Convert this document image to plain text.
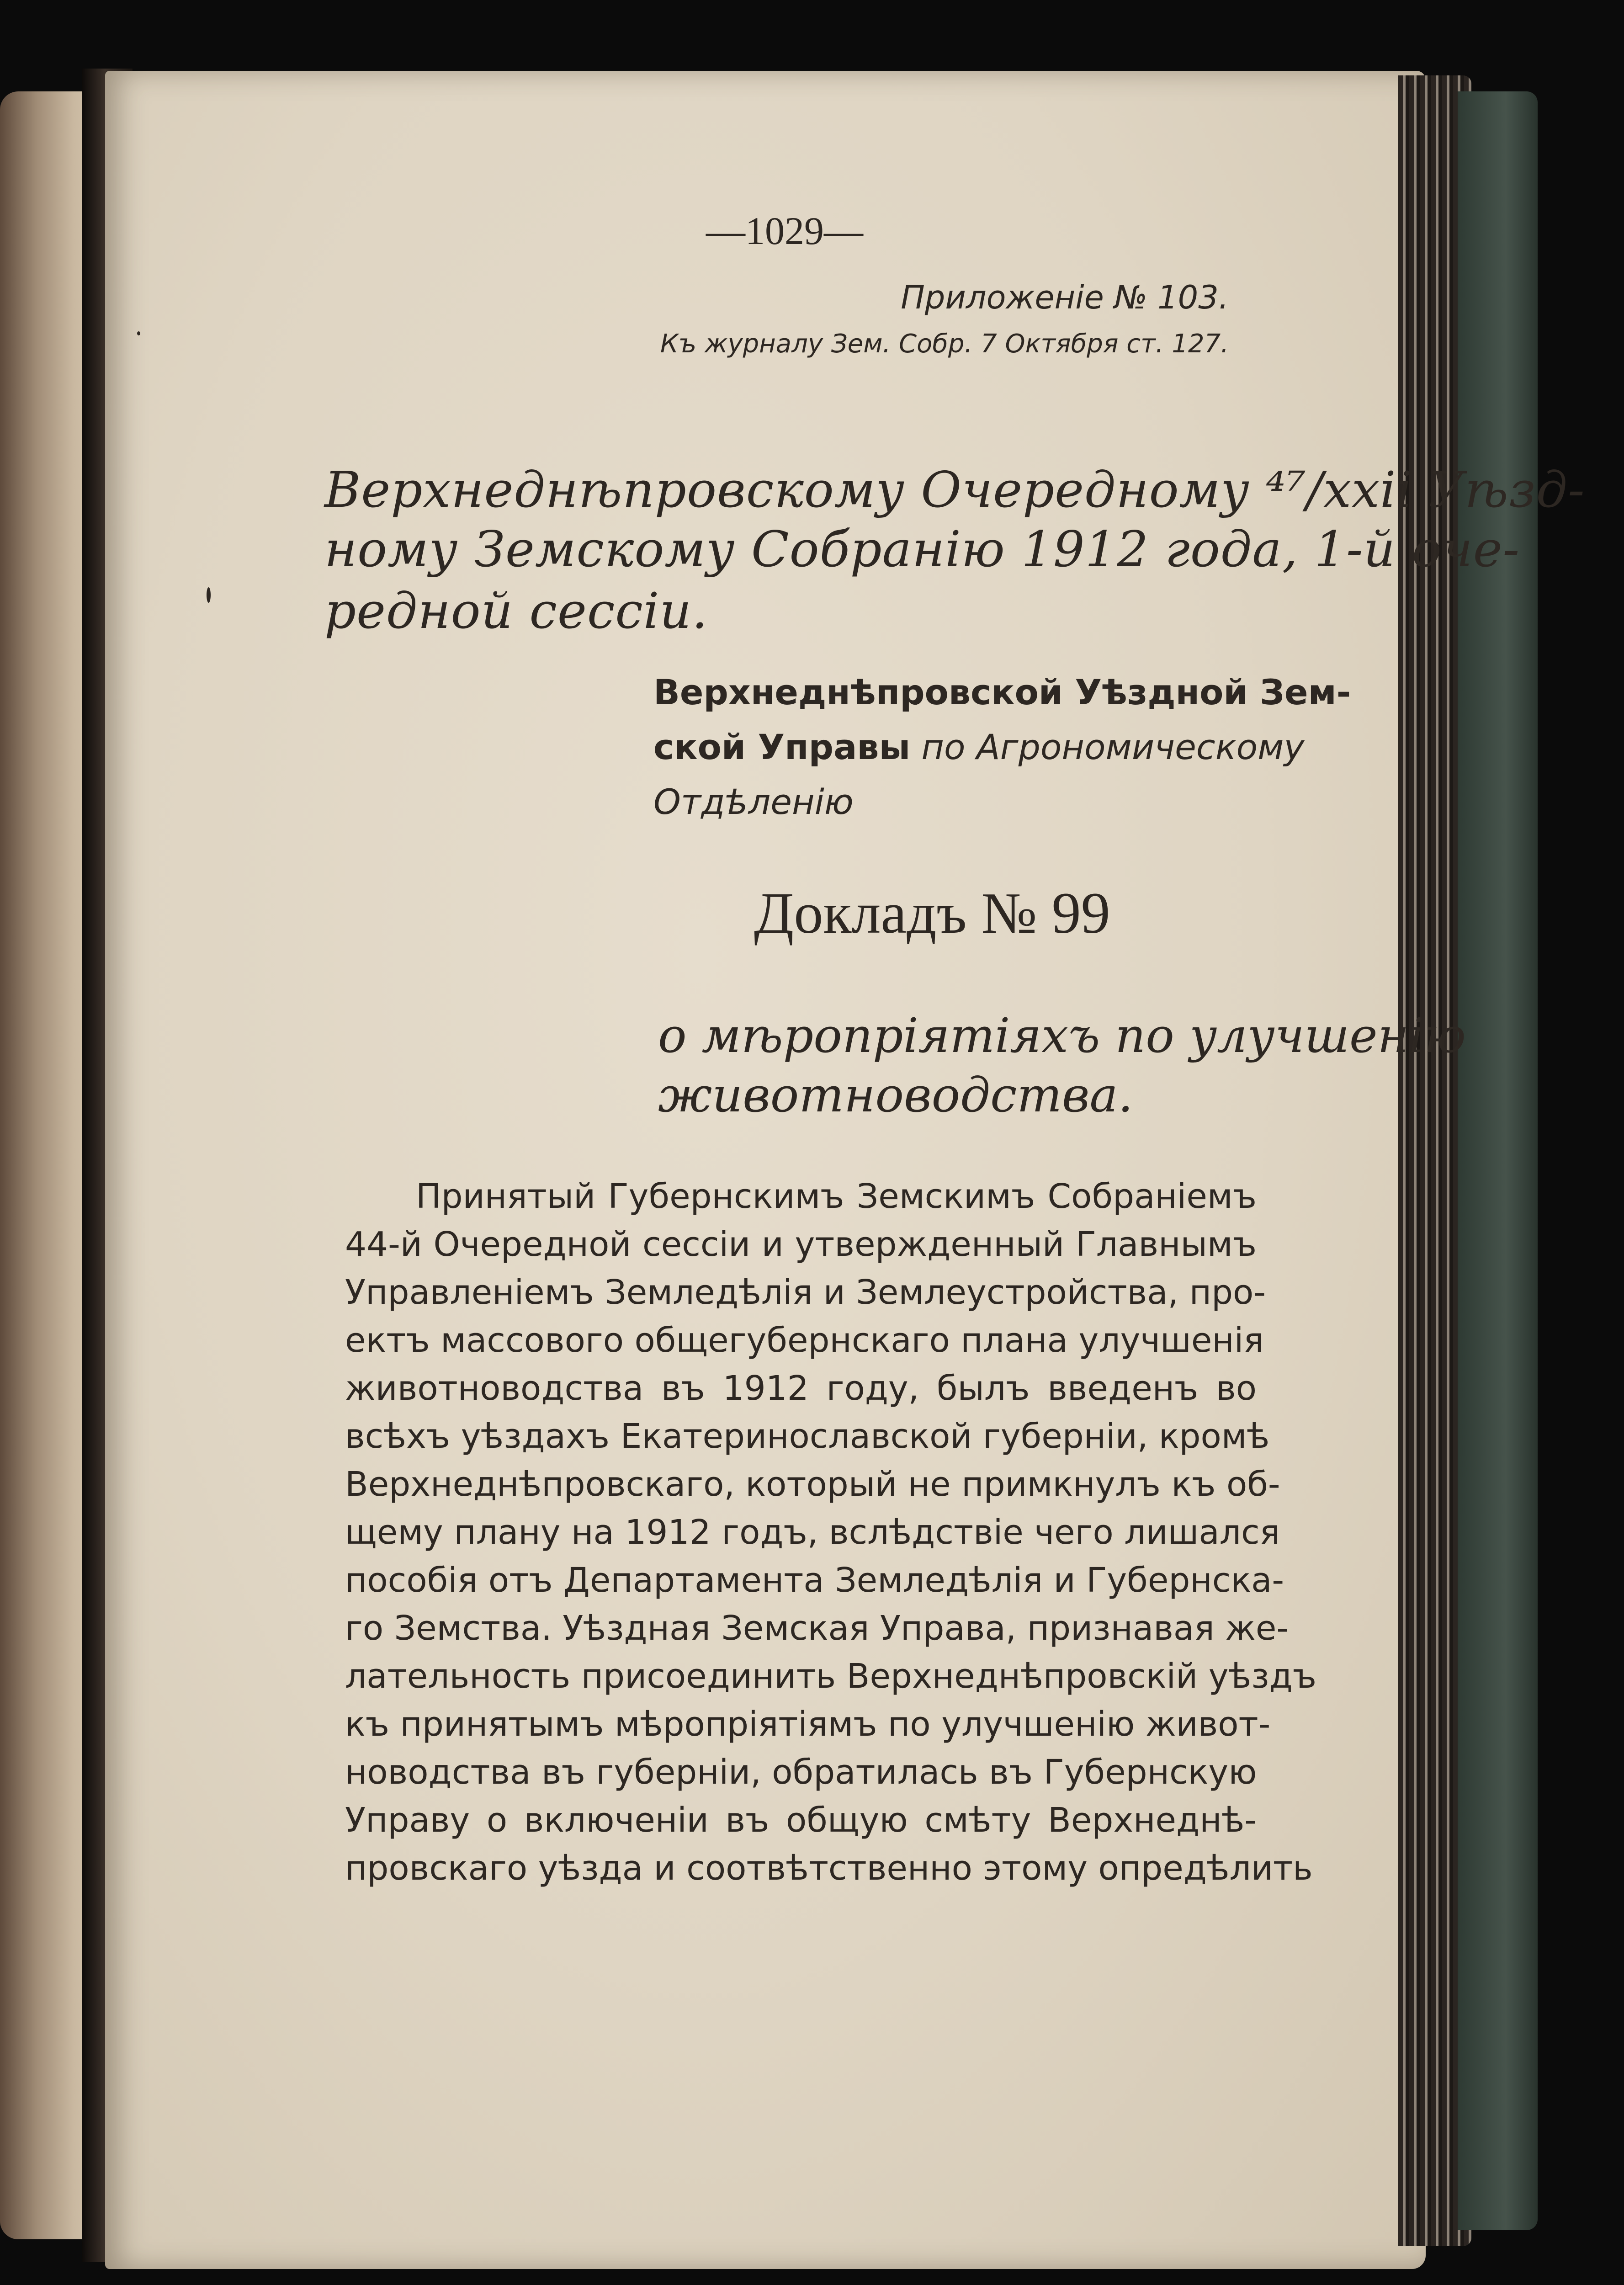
—1029—
Приложенiе № 103.
Къ журналу Зем. Собр. 7 Октября ст. 127.
Верхнеднѣпровскому Очередному ⁴⁷/xxii Уѣзд-
ному Земскому Собранiю 1912 года, 1-й оче-
редной сессiи.
Верхнеднѣпровской Уѣздной Зем-
ской Управы по Агрономическому
Отдѣленiю
Докладъ № 99
о мѣропрiятiяхъ по улучшенiю
животноводства.
Принятый Губернскимъ Земскимъ Собранiемъ
44-й Очередной сессiи и утвержденный Главнымъ
Управленiемъ Земледѣлiя и Землеустройства, про-
ектъ массового общегубернскаго плана улучшенiя
животноводства въ 1912 году, былъ введенъ во
всѣхъ уѣздахъ Екатеринославской губернiи, кромѣ
Верхнеднѣпровскаго, который не примкнулъ къ об-
щему плану на 1912 годъ, вслѣдствiе чего лишался
пособiя отъ Департамента Земледѣлiя и Губернска-
го Земства. Уѣздная Земская Управа, признавая же-
лательность присоединить Верхнеднѣпровскiй уѣздъ
къ принятымъ мѣропрiятiямъ по улучшенiю живот-
новодства въ губернiи, обратилась въ Губернскую
Управу о включенiи въ общую смѣту Верхнеднѣ-
провскаго уѣзда и соотвѣтственно этому опредѣлить
